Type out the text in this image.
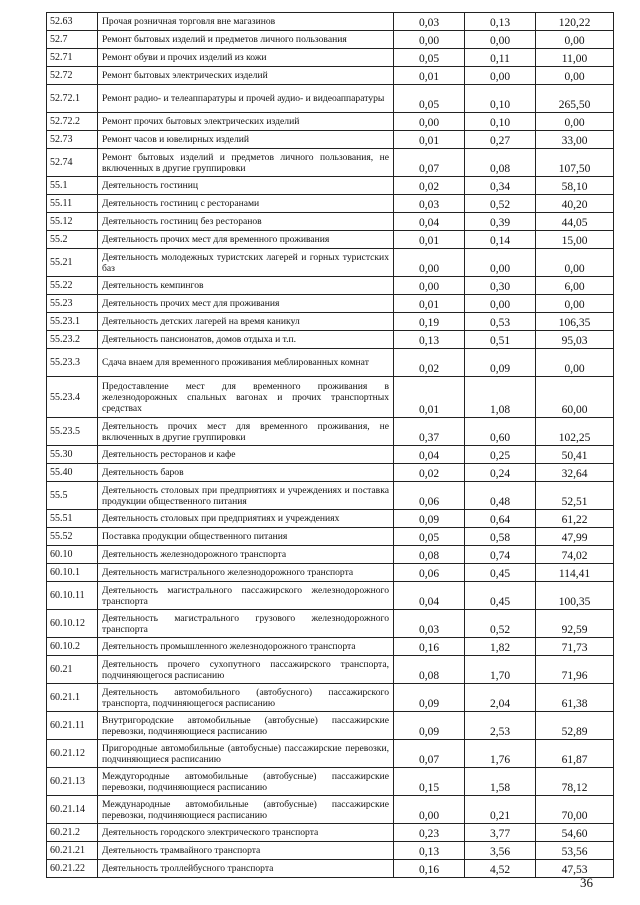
52.63	Прочая розничная торговля вне магазинов	0,03	0,13	120,22
52.7	Ремонт бытовых изделий и предметов личного пользования	0,00	0,00	0,00
52.71	Ремонт обуви и прочих изделий из кожи	0,05	0,11	11,00
52.72	Ремонт бытовых электрических изделий	0,01	0,00	0,00
52.72.1	Ремонт радио- и телеаппаратуры и прочей аудио- и видеоаппаратуры	0,05	0,10	265,50
52.72.2	Ремонт прочих бытовых электрических изделий	0,00	0,10	0,00
52.73	Ремонт часов и ювелирных изделий	0,01	0,27	33,00
52.74	Ремонт бытовых изделий и предметов личного пользования, не включенных в другие группировки	0,07	0,08	107,50
55.1	Деятельность гостиниц	0,02	0,34	58,10
55.11	Деятельность гостиниц с ресторанами	0,03	0,52	40,20
55.12	Деятельность гостиниц без ресторанов	0,04	0,39	44,05
55.2	Деятельность прочих мест для временного проживания	0,01	0,14	15,00
55.21	Деятельность молодежных туристских лагерей и горных туристских баз	0,00	0,00	0,00
55.22	Деятельность кемпингов	0,00	0,30	6,00
55.23	Деятельность прочих мест для проживания	0,01	0,00	0,00
55.23.1	Деятельность детских лагерей на время каникул	0,19	0,53	106,35
55.23.2	Деятельность пансионатов, домов отдыха и т.п.	0,13	0,51	95,03
55.23.3	Сдача внаем для временного проживания меблированных комнат	0,02	0,09	0,00
55.23.4	Предоставление мест для временного проживания в железнодорожных спальных вагонах и прочих транспортных средствах	0,01	1,08	60,00
55.23.5	Деятельность прочих мест для временного проживания, не включенных в другие группировки	0,37	0,60	102,25
55.30	Деятельность ресторанов и кафе	0,04	0,25	50,41
55.40	Деятельность баров	0,02	0,24	32,64
55.5	Деятельность столовых при предприятиях и учреждениях и поставка продукции общественного питания	0,06	0,48	52,51
55.51	Деятельность столовых при предприятиях и учреждениях	0,09	0,64	61,22
55.52	Поставка продукции общественного питания	0,05	0,58	47,99
60.10	Деятельность железнодорожного транспорта	0,08	0,74	74,02
60.10.1	Деятельность магистрального железнодорожного транспорта	0,06	0,45	114,41
60.10.11	Деятельность магистрального пассажирского железнодорожного транспорта	0,04	0,45	100,35
60.10.12	Деятельность магистрального грузового железнодорожного транспорта	0,03	0,52	92,59
60.10.2	Деятельность промышленного железнодорожного транспорта	0,16	1,82	71,73
60.21	Деятельность прочего сухопутного пассажирского транспорта, подчиняющегося расписанию	0,08	1,70	71,96
60.21.1	Деятельность автомобильного (автобусного) пассажирского транспорта, подчиняющегося расписанию	0,09	2,04	61,38
60.21.11	Внутригородские автомобильные (автобусные) пассажирские перевозки, подчиняющиеся расписанию	0,09	2,53	52,89
60.21.12	Пригородные автомобильные (автобусные) пассажирские перевозки, подчиняющиеся расписанию	0,07	1,76	61,87
60.21.13	Междугородные автомобильные (автобусные) пассажирские перевозки, подчиняющиеся расписанию	0,15	1,58	78,12
60.21.14	Международные автомобильные (автобусные) пассажирские перевозки, подчиняющиеся расписанию	0,00	0,21	70,00
60.21.2	Деятельность городского электрического транспорта	0,23	3,77	54,60
60.21.21	Деятельность трамвайного транспорта	0,13	3,56	53,56
60.21.22	Деятельность троллейбусного транспорта	0,16	4,52	47,53
36
